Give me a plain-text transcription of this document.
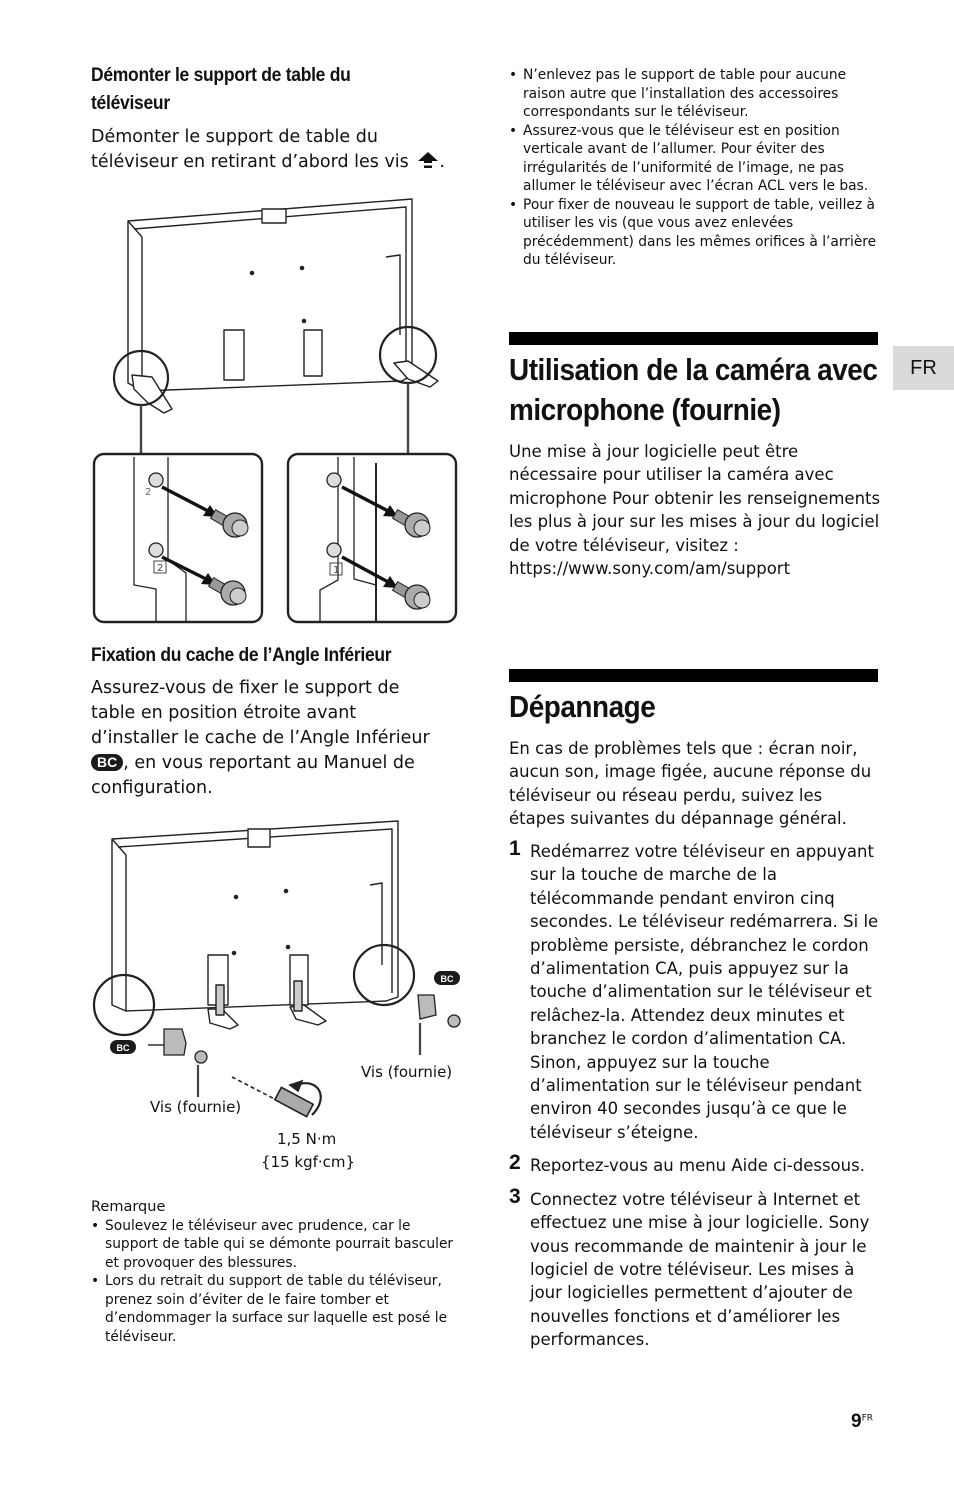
Démonter le support de table du
téléviseur
Démonter le support de table du
téléviseur en retirant d’abord les vis .
2
2	1
Fixation du cache de l’Angle Inférieur
Assurez-vous de fixer le support de
table en position étroite avant
d’installer le cache de l’Angle Inférieur
BC , en vous reportant au Manuel de
configuration.
BC
BC
Vis (fournie)
Vis (fournie)
1,5 N·m
{15 kgf·cm}
Remarque
• Soulevez le téléviseur avec prudence, car le support de table qui se démonte pourrait basculer et provoquer des blessures.
• Lors du retrait du support de table du téléviseur, prenez soin d’éviter de le faire tomber et d’endommager la surface sur laquelle est posé le téléviseur.
• N’enlevez pas le support de table pour aucune raison autre que l’installation des accessoires correspondants sur le téléviseur.
• Assurez-vous que le téléviseur est en position verticale avant de l’allumer. Pour éviter des irrégularités de l’uniformité de l’image, ne pas allumer le téléviseur avec l’écran ACL vers le bas.
• Pour fixer de nouveau le support de table, veillez à utiliser les vis (que vous avez enlevées précédemment) dans les mêmes orifices à l’arrière du téléviseur.
Utilisation de la caméra avec
microphone (fournie)
Une mise à jour logicielle peut être nécessaire pour utiliser la caméra avec microphone Pour obtenir les renseignements les plus à jour sur les mises à jour du logiciel de votre téléviseur, visitez :
https://www.sony.com/am/support
FR
Dépannage
En cas de problèmes tels que : écran noir, aucun son, image figée, aucune réponse du téléviseur ou réseau perdu, suivez les étapes suivantes du dépannage général.
1 Redémarrez votre téléviseur en appuyant sur la touche de marche de la télécommande pendant environ cinq secondes. Le téléviseur redémarrera. Si le problème persiste, débranchez le cordon d’alimentation CA, puis appuyez sur la touche d’alimentation sur le téléviseur et relâchez-la. Attendez deux minutes et branchez le cordon d’alimentation CA. Sinon, appuyez sur la touche d’alimentation sur le téléviseur pendant environ 40 secondes jusqu’à ce que le téléviseur s’éteigne.
2 Reportez-vous au menu Aide ci-dessous.
3 Connectez votre téléviseur à Internet et effectuez une mise à jour logicielle. Sony vous recommande de maintenir à jour le logiciel de votre téléviseur. Les mises à jour logicielles permettent d’ajouter de nouvelles fonctions et d’améliorer les performances.
$9^{FR}$
